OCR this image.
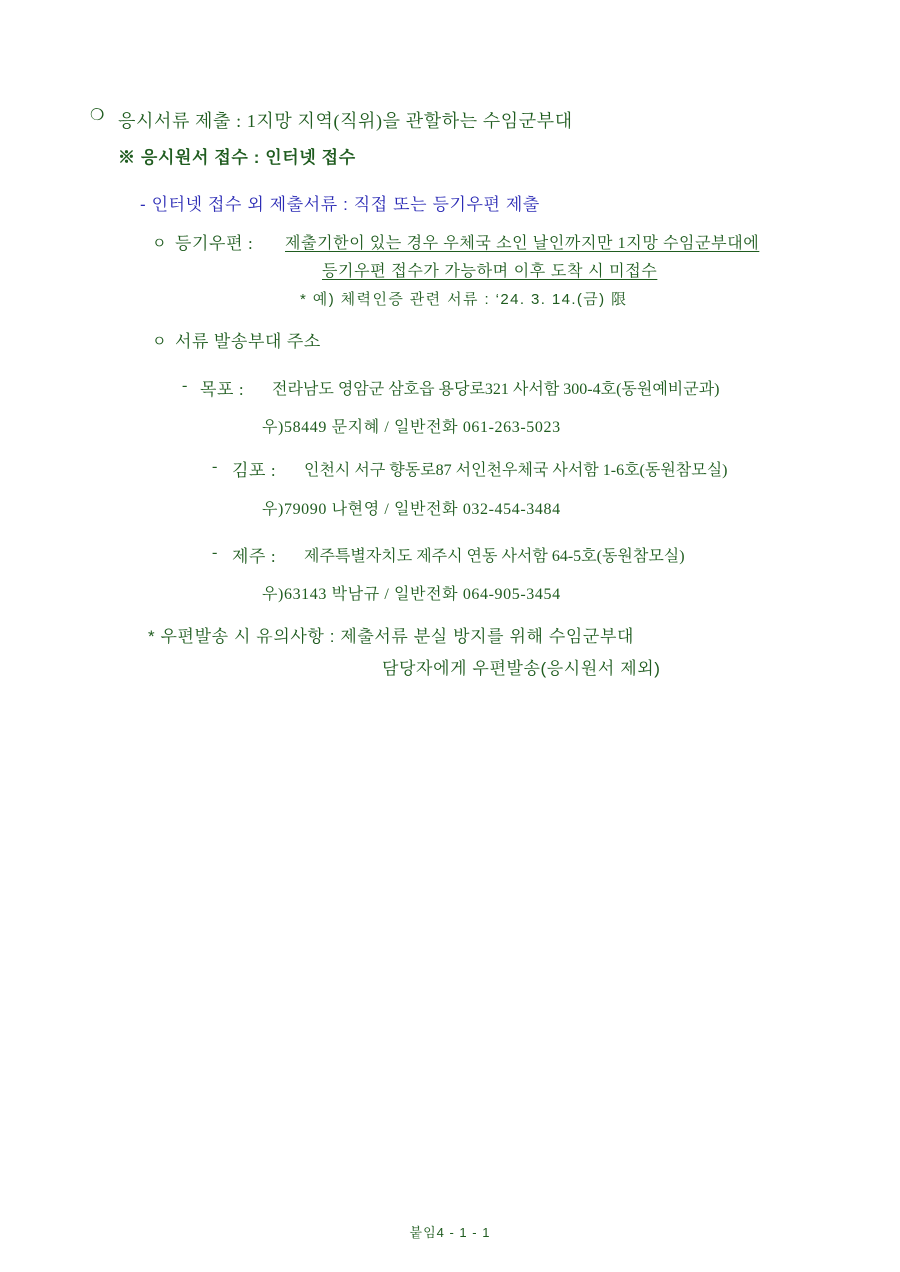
❍ 응시서류 제출 : 1지망 지역(직위)을 관할하는 수임군부대
※ 응시원서 접수 : 인터넷 접수
- 인터넷 접수 외 제출서류 : 직접 또는 등기우편 제출
ㅇ 등기우편 : 제출기한이 있는 경우 우체국 소인 날인까지만 1지망 수임군부대에
등기우편 접수가 가능하며 이후 도착 시 미접수
* 예) 체력인증 관련 서류 : ‘24. 3. 14.(금) 限
ㅇ 서류 발송부대 주소
- 목포 : 전라남도 영암군 삼호읍 용당로321 사서함 300-4호(동원예비군과)
우)58449 문지혜 / 일반전화 061-263-5023
- 김포 : 인천시 서구 향동로87 서인천우체국 사서함 1-6호(동원참모실)
우)79090 나현영 / 일반전화 032-454-3484
- 제주 : 제주특별자치도 제주시 연동 사서함 64-5호(동원참모실)
우)63143 박남규 / 일반전화 064-905-3454
* 우편발송 시 유의사항 : 제출서류 분실 방지를 위해 수임군부대
담당자에게 우편발송(응시원서 제외)
붙임4 - 1 - 1
